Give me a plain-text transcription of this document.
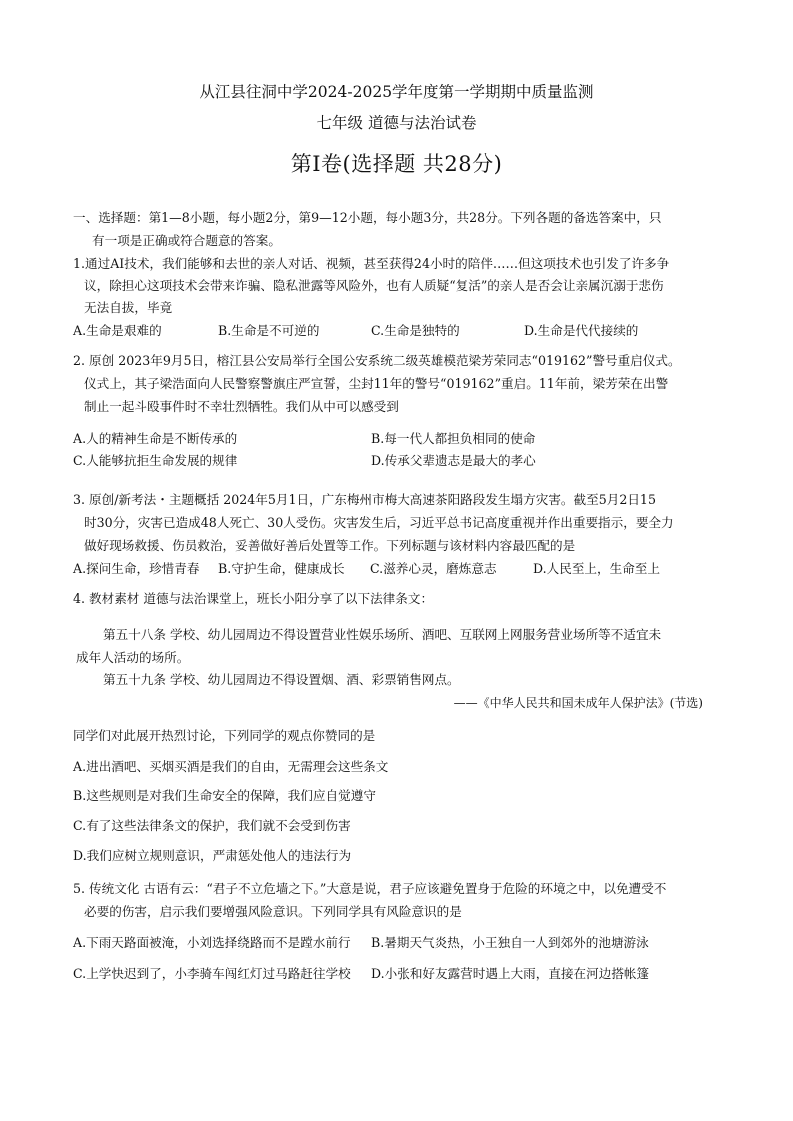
从江县往洞中学2024-2025学年度第一学期期中质量监测
七年级 道德与法治试卷
第Ⅰ卷(选择题 共28分)
一、选择题：第1—8小题，每小题2分，第9—12小题，每小题3分，共28分。下列各题的备选答案中，只
有一项是正确或符合题意的答案。
1.通过AI技术，我们能够和去世的亲人对话、视频，甚至获得24小时的陪伴……但这项技术也引发了许多争
议，除担心这项技术会带来诈骗、隐私泄露等风险外，也有人质疑“复活”的亲人是否会让亲属沉溺于悲伤
无法自拔，毕竟
A.生命是艰难的	B.生命是不可逆的	C.生命是独特的	D.生命是代代接续的
2. 原创 2023年9月5日，榕江县公安局举行全国公安系统二级英雄模范梁芳荣同志“019162”警号重启仪式。
仪式上，其子梁浩面向人民警察警旗庄严宣誓，尘封11年的警号“019162”重启。11年前，梁芳荣在出警
制止一起斗殴事件时不幸壮烈牺牲。我们从中可以感受到
A.人的精神生命是不断传承的	B.每一代人都担负相同的使命
C.人能够抗拒生命发展的规律	D.传承父辈遗志是最大的孝心
3. 原创/新考法・主题概括 2024年5月1日，广东梅州市梅大高速茶阳路段发生塌方灾害。截至5月2日15
时30分，灾害已造成48人死亡、30人受伤。灾害发生后，习近平总书记高度重视并作出重要指示，要全力
做好现场救援、伤员救治，妥善做好善后处置等工作。下列标题与该材料内容最匹配的是
A.探问生命，珍惜青春 B.守护生命，健康成长 C.滋养心灵，磨炼意志	D.人民至上，生命至上
4. 教材素材 道德与法治课堂上，班长小阳分享了以下法律条文：
第五十八条 学校、幼儿园周边不得设置营业性娱乐场所、酒吧、互联网上网服务营业场所等不适宜未
成年人活动的场所。
第五十九条 学校、幼儿园周边不得设置烟、酒、彩票销售网点。
——《中华人民共和国未成年人保护法》(节选)
同学们对此展开热烈讨论，下列同学的观点你赞同的是
A.进出酒吧、买烟买酒是我们的自由，无需理会这些条文
B.这些规则是对我们生命安全的保障，我们应自觉遵守
C.有了这些法律条文的保护，我们就不会受到伤害
D.我们应树立规则意识，严肃惩处他人的违法行为
5. 传统文化 古语有云：“君子不立危墙之下。”大意是说，君子应该避免置身于危险的环境之中，以免遭受不
必要的伤害，启示我们要增强风险意识。下列同学具有风险意识的是
A.下雨天路面被淹，小刘选择绕路而不是蹚水前行 B.暑期天气炎热，小王独自一人到郊外的池塘游泳
C.上学快迟到了，小李骑车闯红灯过马路赶往学校 D.小张和好友露营时遇上大雨，直接在河边搭帐篷
